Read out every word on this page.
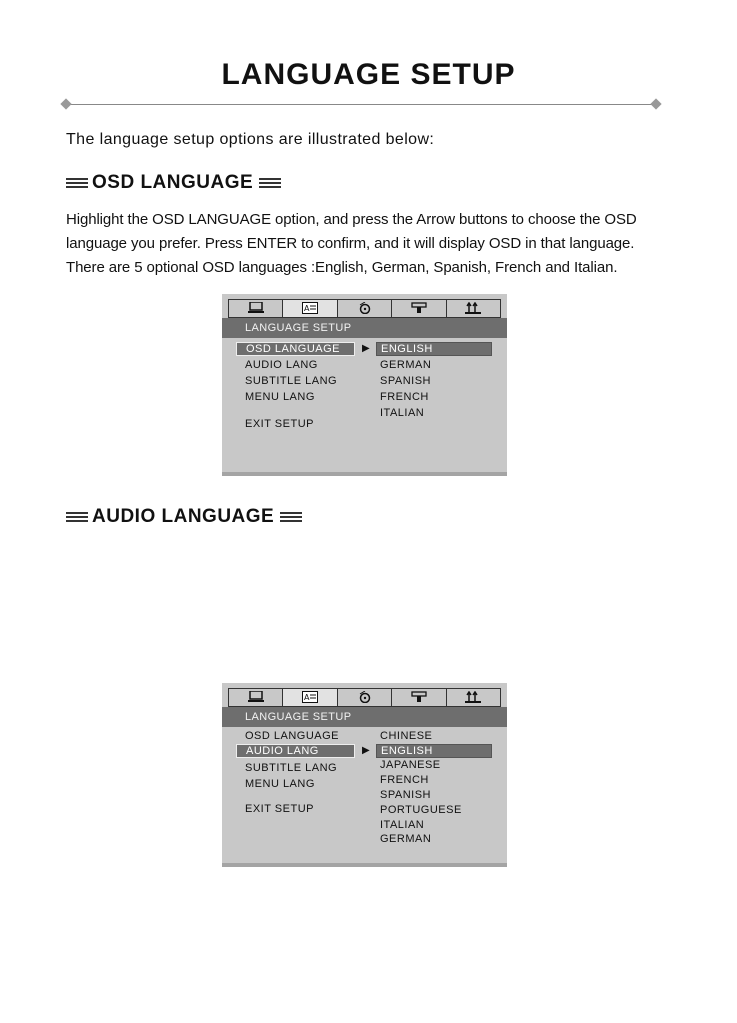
LANGUAGE SETUP
The language setup options are illustrated below:
OSD LANGUAGE
Highlight the OSD LANGUAGE option, and press the Arrow buttons to choose the OSD language you prefer. Press ENTER to confirm, and it will display OSD in that language. There are 5 optional OSD languages :English, German, Spanish, French and Italian.
A
LANGUAGE SETUP
OSD LANGUAGE
AUDIO LANG
SUBTITLE LANG
MENU LANG
EXIT SETUP
▶	ENGLISH
GERMAN
SPANISH
FRENCH
ITALIAN
AUDIO LANGUAGE
A
LANGUAGE SETUP
OSD LANGUAGE
AUDIO LANG
SUBTITLE LANG
MENU LANG
EXIT SETUP
▶
CHINESE
ENGLISH
JAPANESE
FRENCH
SPANISH
PORTUGUESE
ITALIAN
GERMAN
